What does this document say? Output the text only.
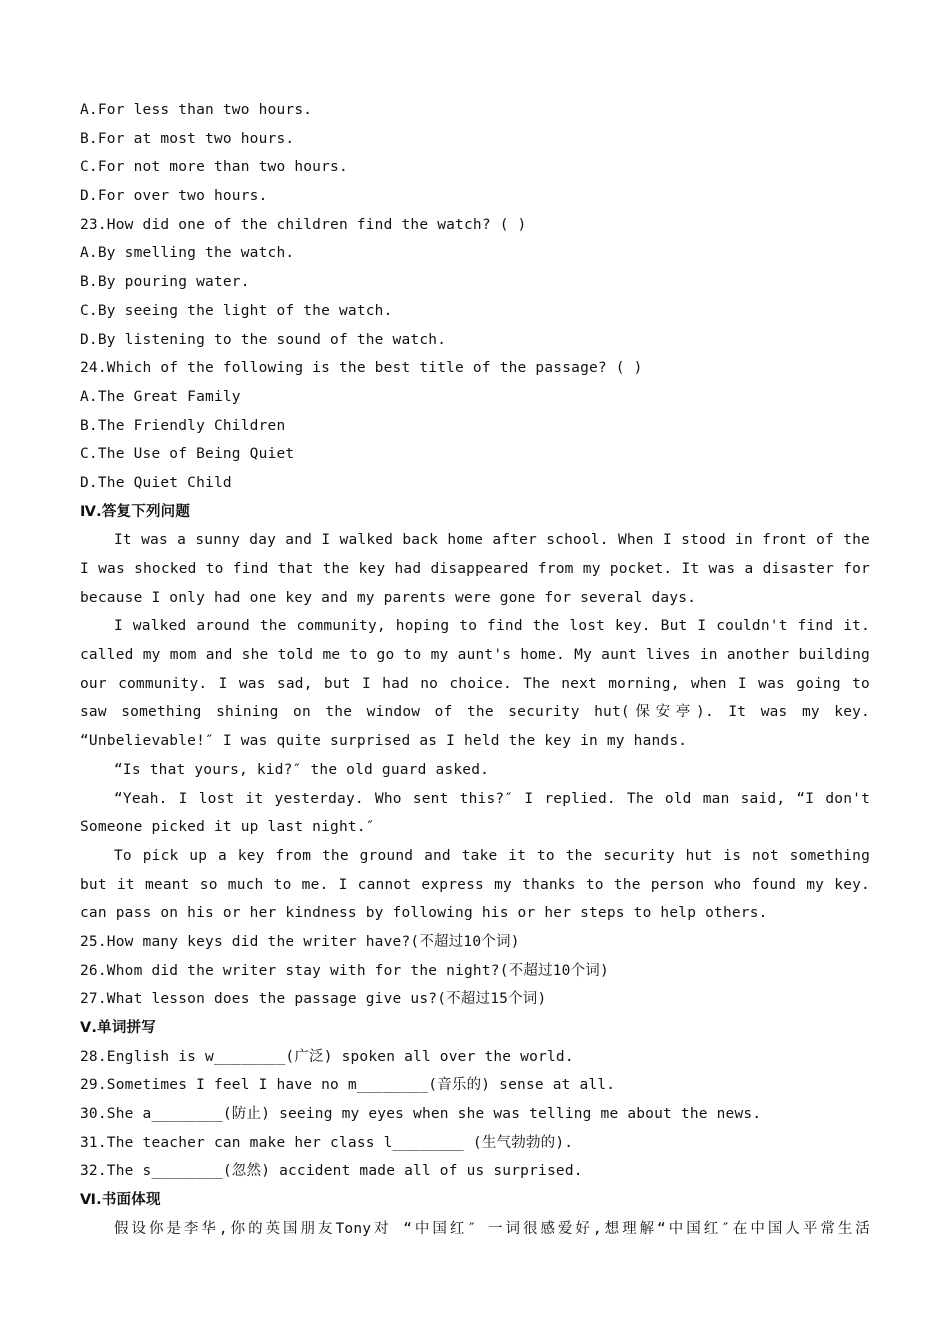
A.For less than two hours.
B.For at most two hours.
C.For not more than two hours.
D.For over two hours.
23.How did one of the children find the watch? ( )
A.By smelling the watch.
B.By pouring water.
C.By seeing the light of the watch.
D.By listening to the sound of the watch.
24.Which of the following is the best title of the passage? ( )
A.The Great Family
B.The Friendly Children
C.The Use of Being Quiet
D.The Quiet Child
Ⅳ.答复下列问题
It was a sunny day and I walked back home after school. When I stood in front of the
I was shocked to find that the key had disappeared from my pocket. It was a disaster for
because I only had one key and my parents were gone for several days.
I walked around the community, hoping to find the lost key. But I couldn't find it.
called my mom and she told me to go to my aunt's home. My aunt lives in another building
our community. I was sad, but I had no choice. The next morning, when I was going to
saw something shining on the window of the security hut(保安亭). It was my key.
“Unbelievable!″ I was quite surprised as I held the key in my hands.
“Is that yours, kid?″ the old guard asked.
“Yeah. I lost it yesterday. Who sent this?″ I replied. The old man said, “I don't
Someone picked it up last night.″
To pick up a key from the ground and take it to the security hut is not something
but it meant so much to me. I cannot express my thanks to the person who found my key.
can pass on his or her kindness by following his or her steps to help others.
25.How many keys did the writer have?(不超过10个词)
26.Whom did the writer stay with for the night?(不超过10个词)
27.What lesson does the passage give us?(不超过15个词)
Ⅴ.单词拼写
28.English is w________(广泛) spoken all over the world.
29.Sometimes I feel I have no m________(音乐的) sense at all.
30.She a________(防止) seeing my eyes when she was telling me about the news.
31.The teacher can make her class l________ (生气勃勃的).
32.The s________(忽然) accident made all of us surprised.
Ⅵ.书面体现
假设你是李华,你的英国朋友Tony对 “中国红″ 一词很感爱好,想理解“中国红″在中国人平常生活
